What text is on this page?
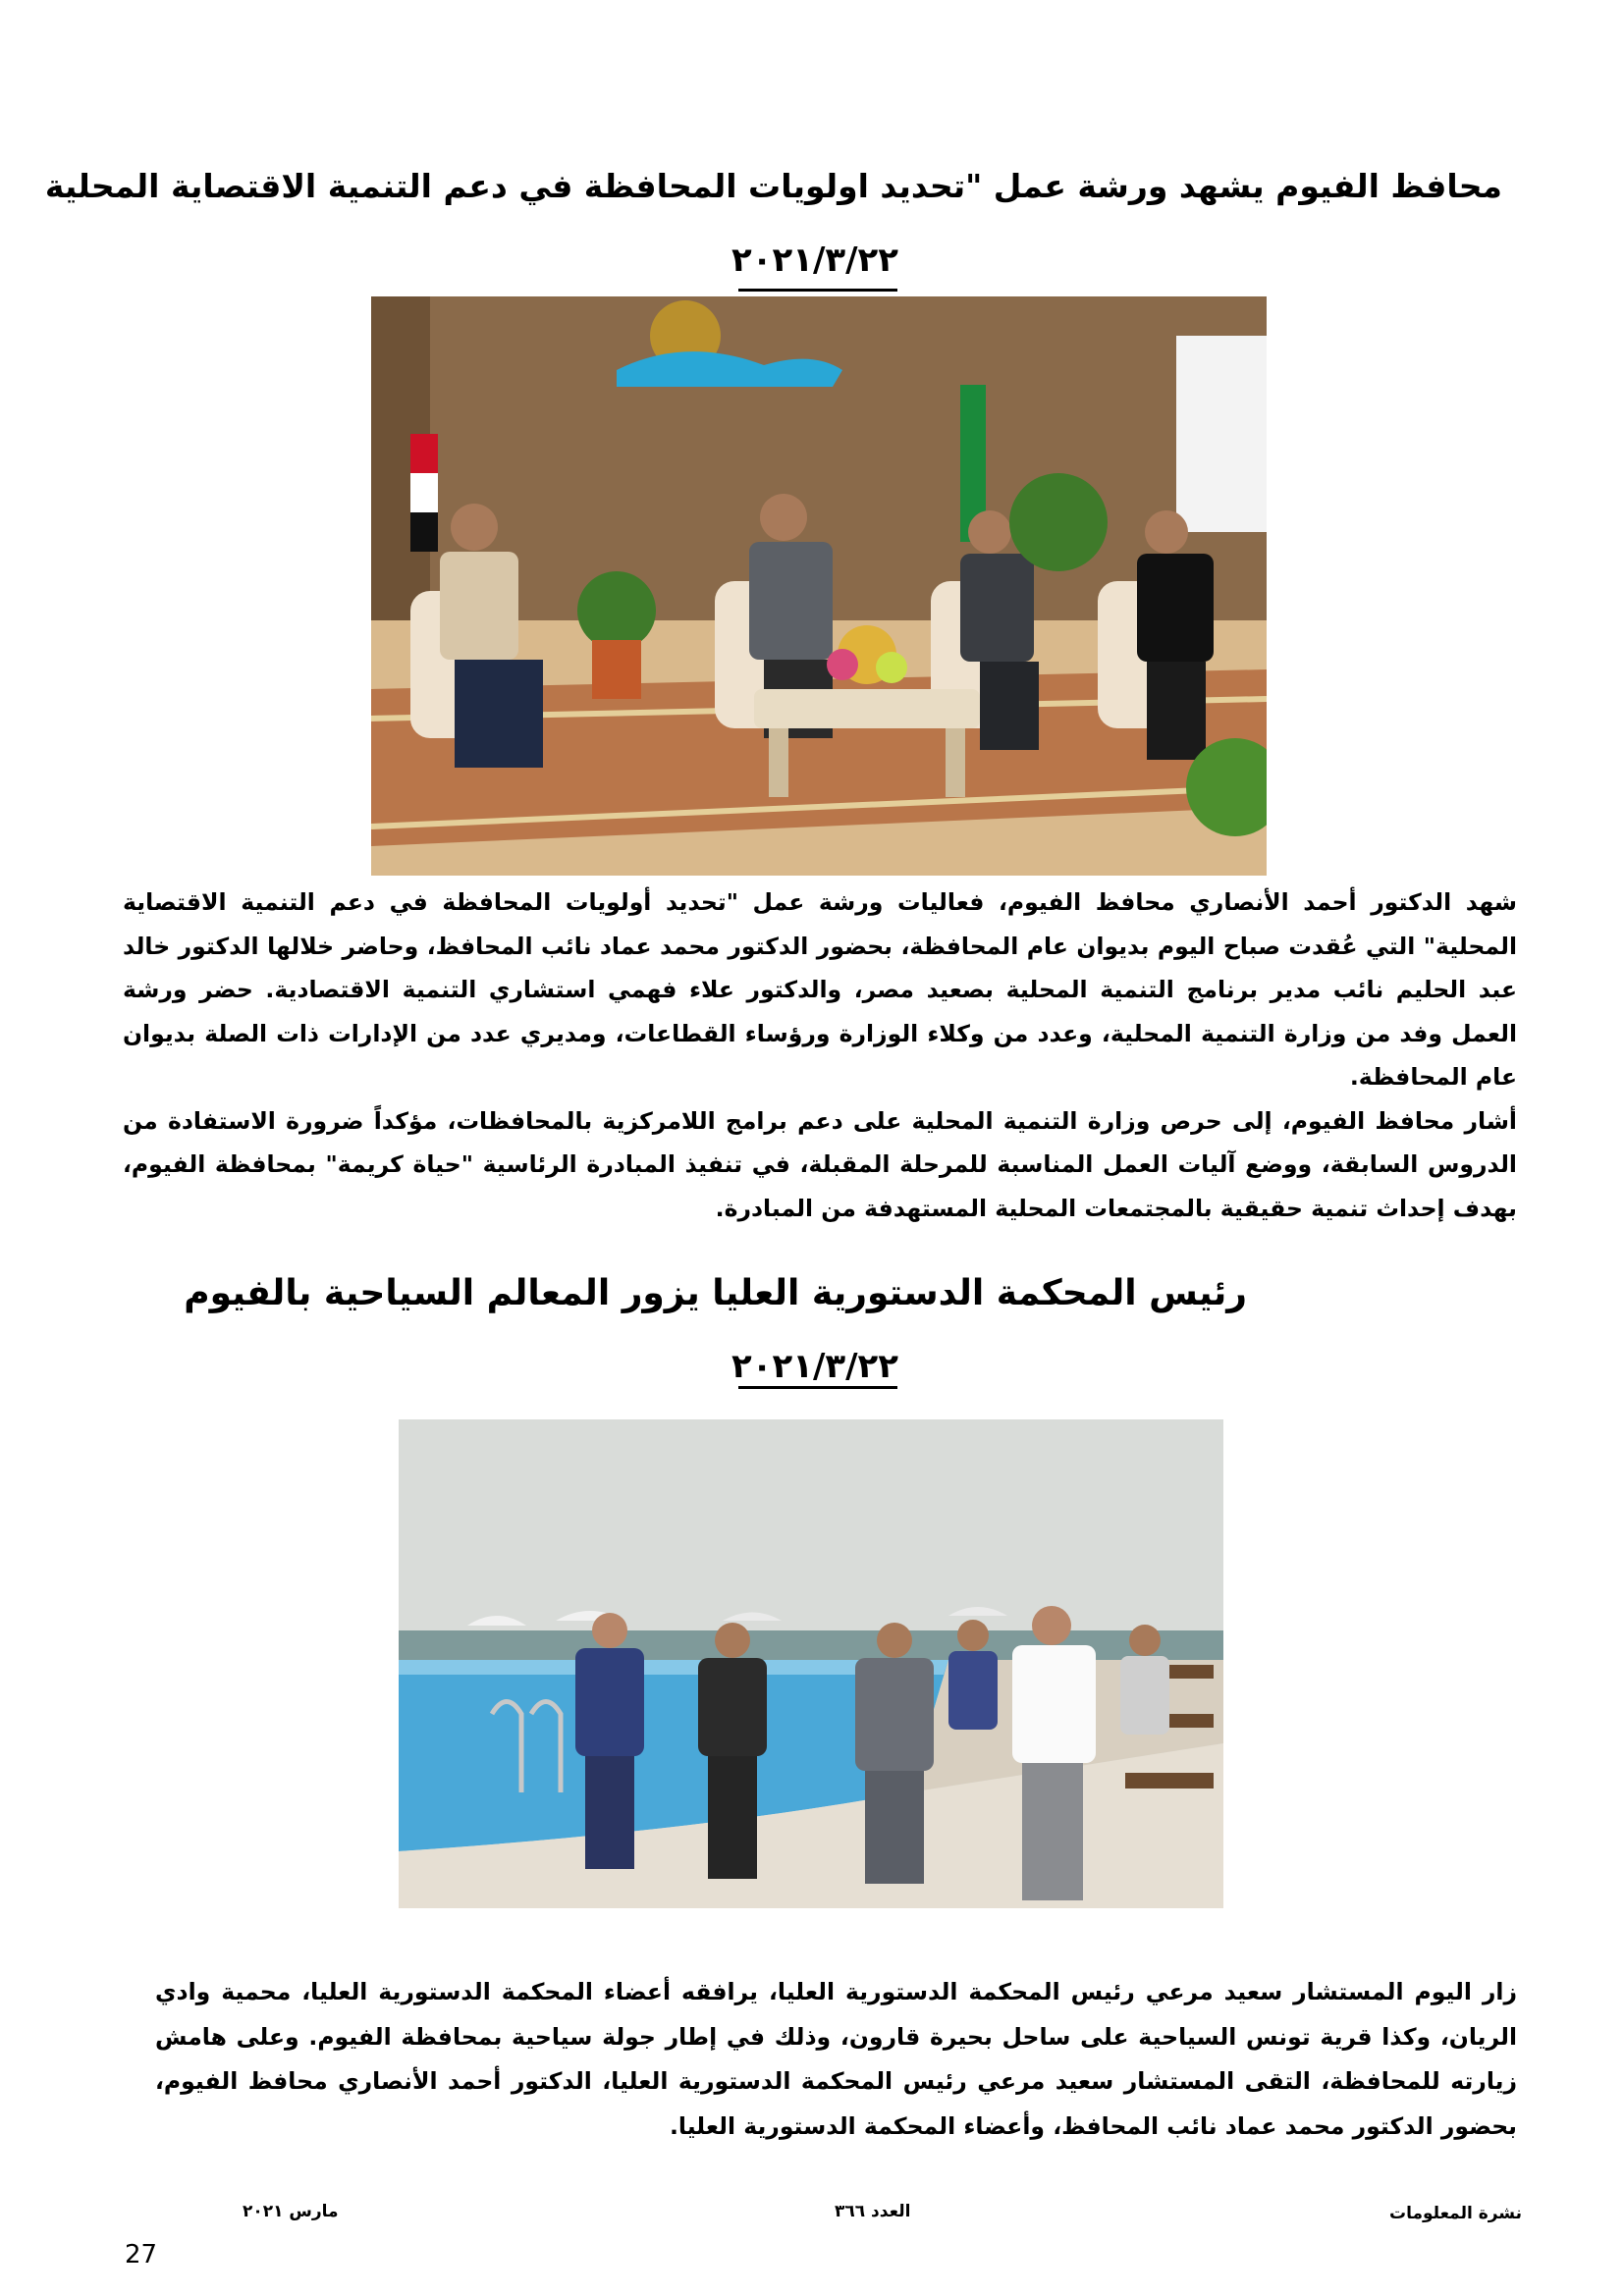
محافظ الفيوم يشهد ورشة عمل "تحديد اولويات المحافظة في دعم التنمية الاقتصاية المحلية
٢٠٢١/٣/٢٢

شهد الدكتور أحمد الأنصاري محافظ الفيوم، فعاليات ورشة عمل "تحديد أولويات المحافظة في دعم التنمية الاقتصاية المحلية" التي عُقدت صباح اليوم بديوان عام المحافظة، بحضور الدكتور محمد عماد نائب المحافظ، وحاضر خلالها الدكتور خالد عبد الحليم نائب مدير برنامج التنمية المحلية بصعيد مصر، والدكتور علاء فهمي استشاري التنمية الاقتصادية. حضر ورشة العمل وفد من وزارة التنمية المحلية، وعدد من وكلاء الوزارة ورؤساء القطاعات، ومديري عدد من الإدارات ذات الصلة بديوان عام المحافظة.

أشار محافظ الفيوم، إلى حرص وزارة التنمية المحلية على دعم برامج اللامركزية بالمحافظات، مؤكداً ضرورة الاستفادة من الدروس السابقة، ووضع آليات العمل المناسبة للمرحلة المقبلة، في تنفيذ المبادرة الرئاسية "حياة كريمة" بمحافظة الفيوم، بهدف إحداث تنمية حقيقية بالمجتمعات المحلية المستهدفة من المبادرة.

رئيس المحكمة الدستورية العليا يزور المعالم السياحية بالفيوم
٢٠٢١/٣/٢٢

زار اليوم المستشار سعيد مرعي رئيس المحكمة الدستورية العليا، يرافقه أعضاء المحكمة الدستورية العليا، محمية وادي الريان، وكذا قرية تونس السياحية على ساحل بحيرة قارون، وذلك في إطار جولة سياحية بمحافظة الفيوم. وعلى هامش زيارته للمحافظة، التقى المستشار سعيد مرعي رئيس المحكمة الدستورية العليا، الدكتور أحمد الأنصاري محافظ الفيوم، بحضور الدكتور محمد عماد نائب المحافظ، وأعضاء المحكمة الدستورية العليا.

نشرة المعلومات
العدد ٣٦٦
مارس ٢٠٢١
27
